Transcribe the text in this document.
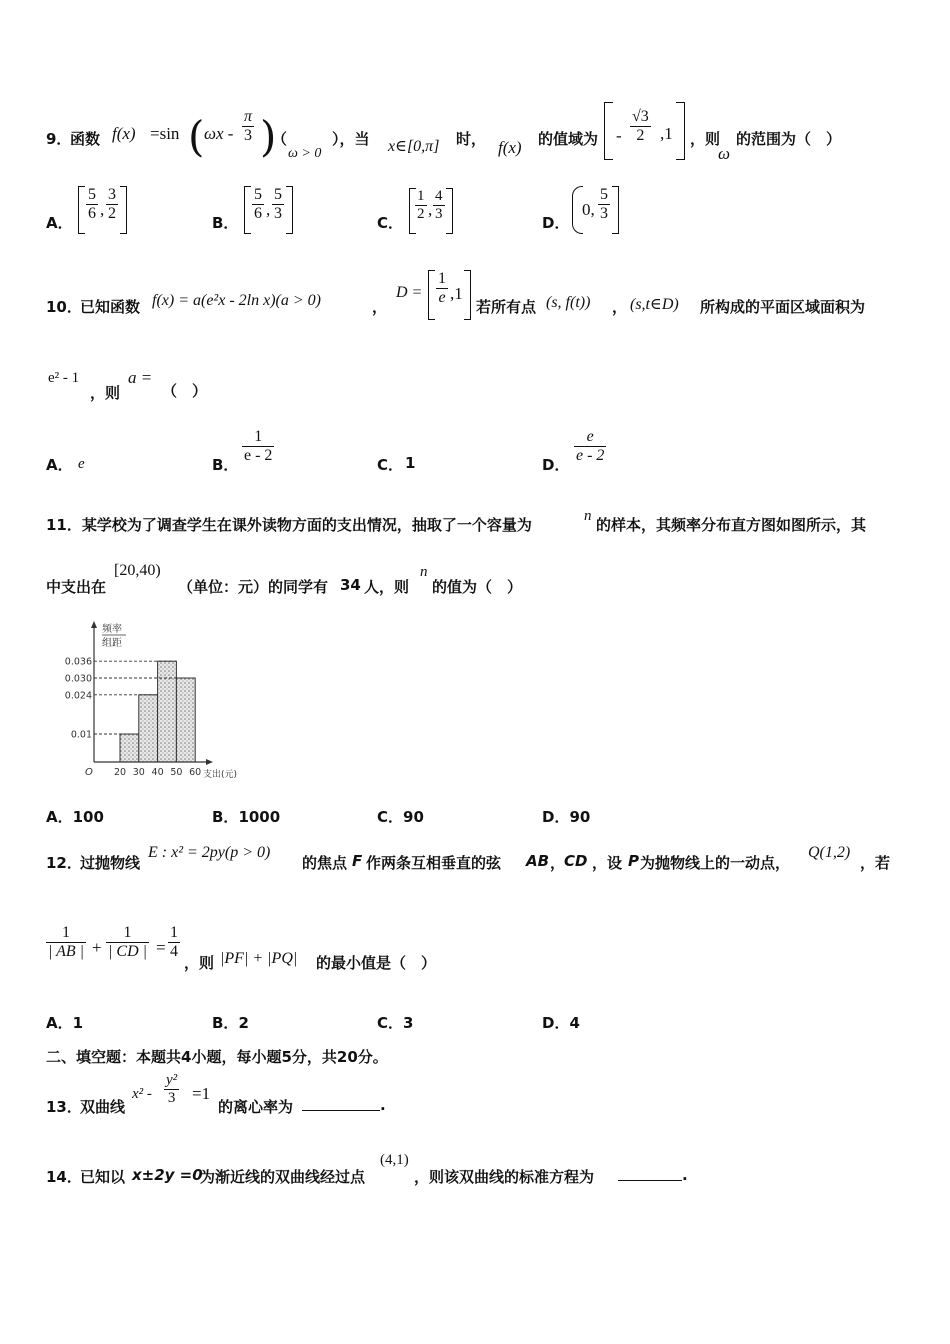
9．
函数 f(x) =sin ( ωx - $\frac{\pi}{3}$ )
（
ω > 0
），当 x∈[0,π] 时， f(x) 的值域为 - $\frac{√3}{2} ,1$ ，则
ω
的范围为（　）
A． $\frac{5}{6}$ , $\frac{3}{2}$	B． $\frac{5}{6}$ , $\frac{5}{3}$	C． $\frac{1}{2}$ , $\frac{4}{3}$	D．
0, $\frac{5}{3}$
10．
已知函数 f(x) = a(e²x - 2ln x)(a > 0)	，
$D = \frac{1}{e} ,1$
若所有点 (s, f(t)) ， (s,t∈D) 所构成的平面区域面积为
e² - 1
，则
a =
（　）
A． e	B． $\frac{1}{e - 2}$	C． 1	D． $\frac{e}{e - 2}$
11．某学校为了调查学生在课外读物方面的支出情况，抽取了一个容量为	n 的样本，其频率分布直方图如图所示，其
中支出在
[20,40)
（单位：元）的同学有 34 人，则
n
的值为（　）
频率
组距
0.036
0.030
0.024
0.01
20 30 40 50 60
O	支出(元)
A．100	B．1000	C．90	D．90
12．
过抛物线
E : x² = 2py(p > 0)
的焦点 F 作两条互相垂直的弦 AB ，
CD ，设 P 为抛物线上的一动点，
Q(1,2)
，若
$\frac{1}{| AB |} + \frac{1}{| CD |} = \frac{1}{4}$
，则 |PF| + |PQ| 的最小值是（　）
A．1	B．2	C．3	D．4
二、填空题：本题共4小题，每小题5分，共20分。
13．
双曲线
$x^2 - \frac{\text{y²}}{3} =1$
的离心率为	.
14．
已知以 x±2y =0
为渐近线的双曲线经过点
(4,1)
，则该双曲线的标准方程为	.
